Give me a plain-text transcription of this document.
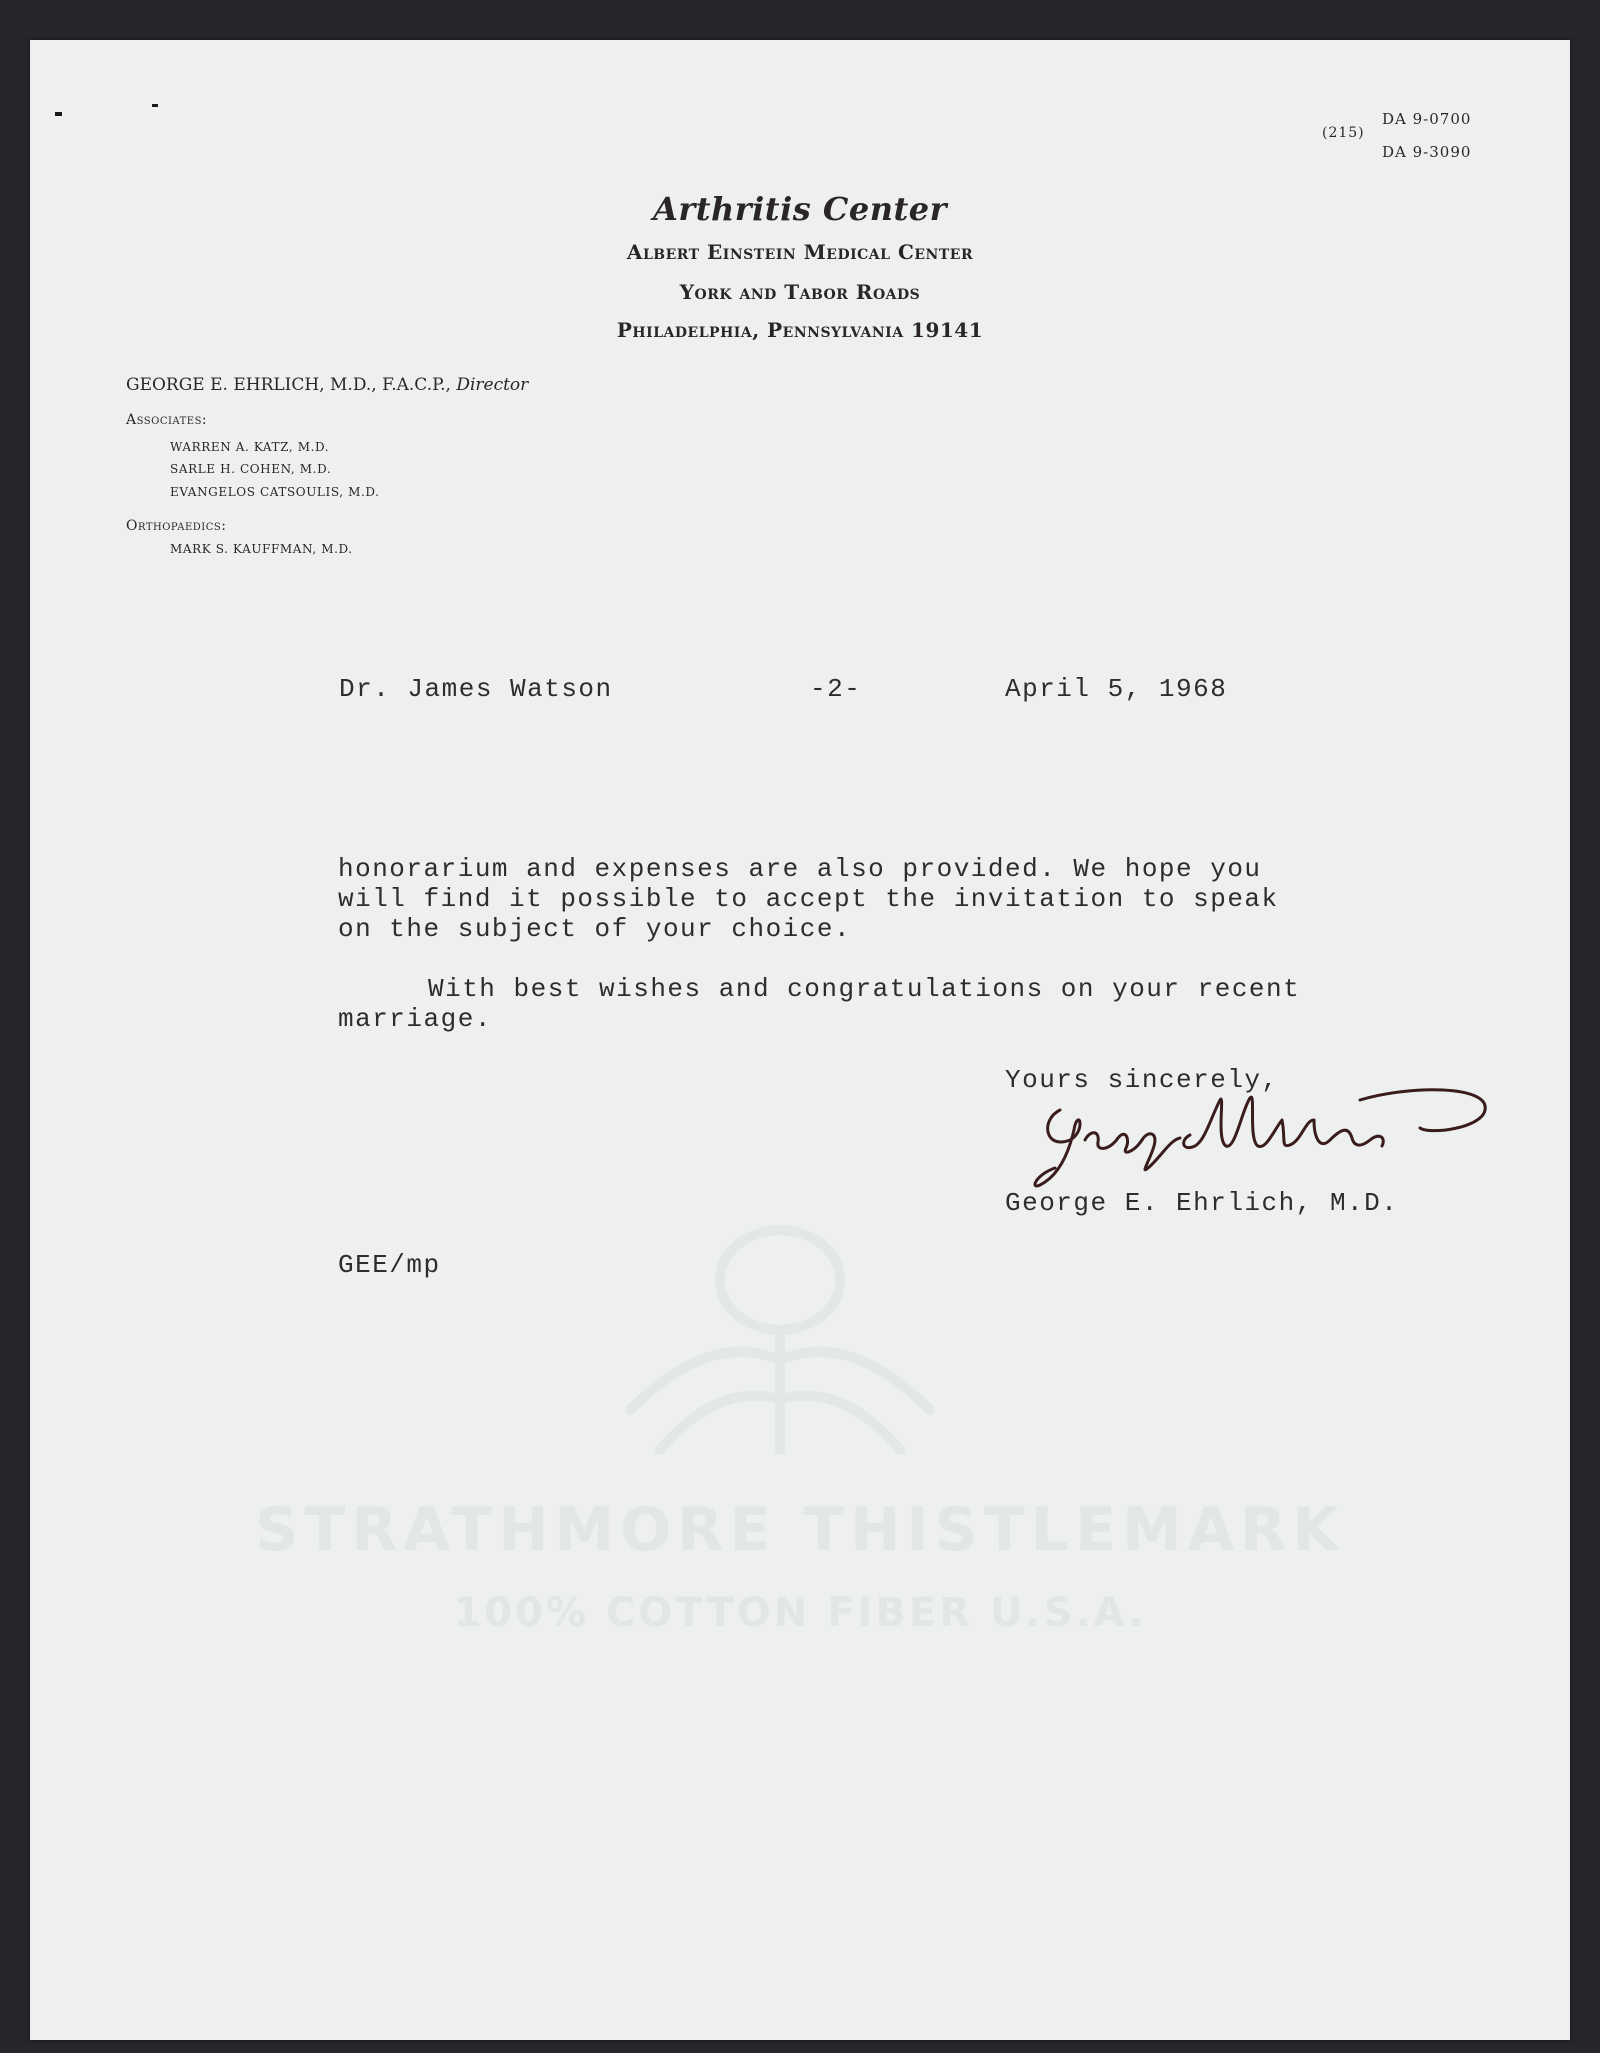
STRATHMORE THISTLEMARK

100% COTTON FIBER U.S.A.

(215)

DA 9-0700

DA 9-3090

Arthritis Center

Albert Einstein Medical Center

York and Tabor Roads

Philadelphia, Pennsylvania 19141

GEORGE E. EHRLICH, M.D., F.A.C.P., Director

Associates:

WARREN A. KATZ, M.D.

SARLE H. COHEN, M.D.

EVANGELOS CATSOULIS, M.D.

Orthopaedics:

MARK S. KAUFFMAN, M.D.

Dr. James Watson	-2-	April 5, 1968

honorarium and expenses are also provided. We hope you

will find it possible to accept the invitation to speak

on the subject of your choice.

With best wishes and congratulations on your recent

marriage.

Yours sincerely,

George E. Ehrlich, M.D.

GEE/mp
